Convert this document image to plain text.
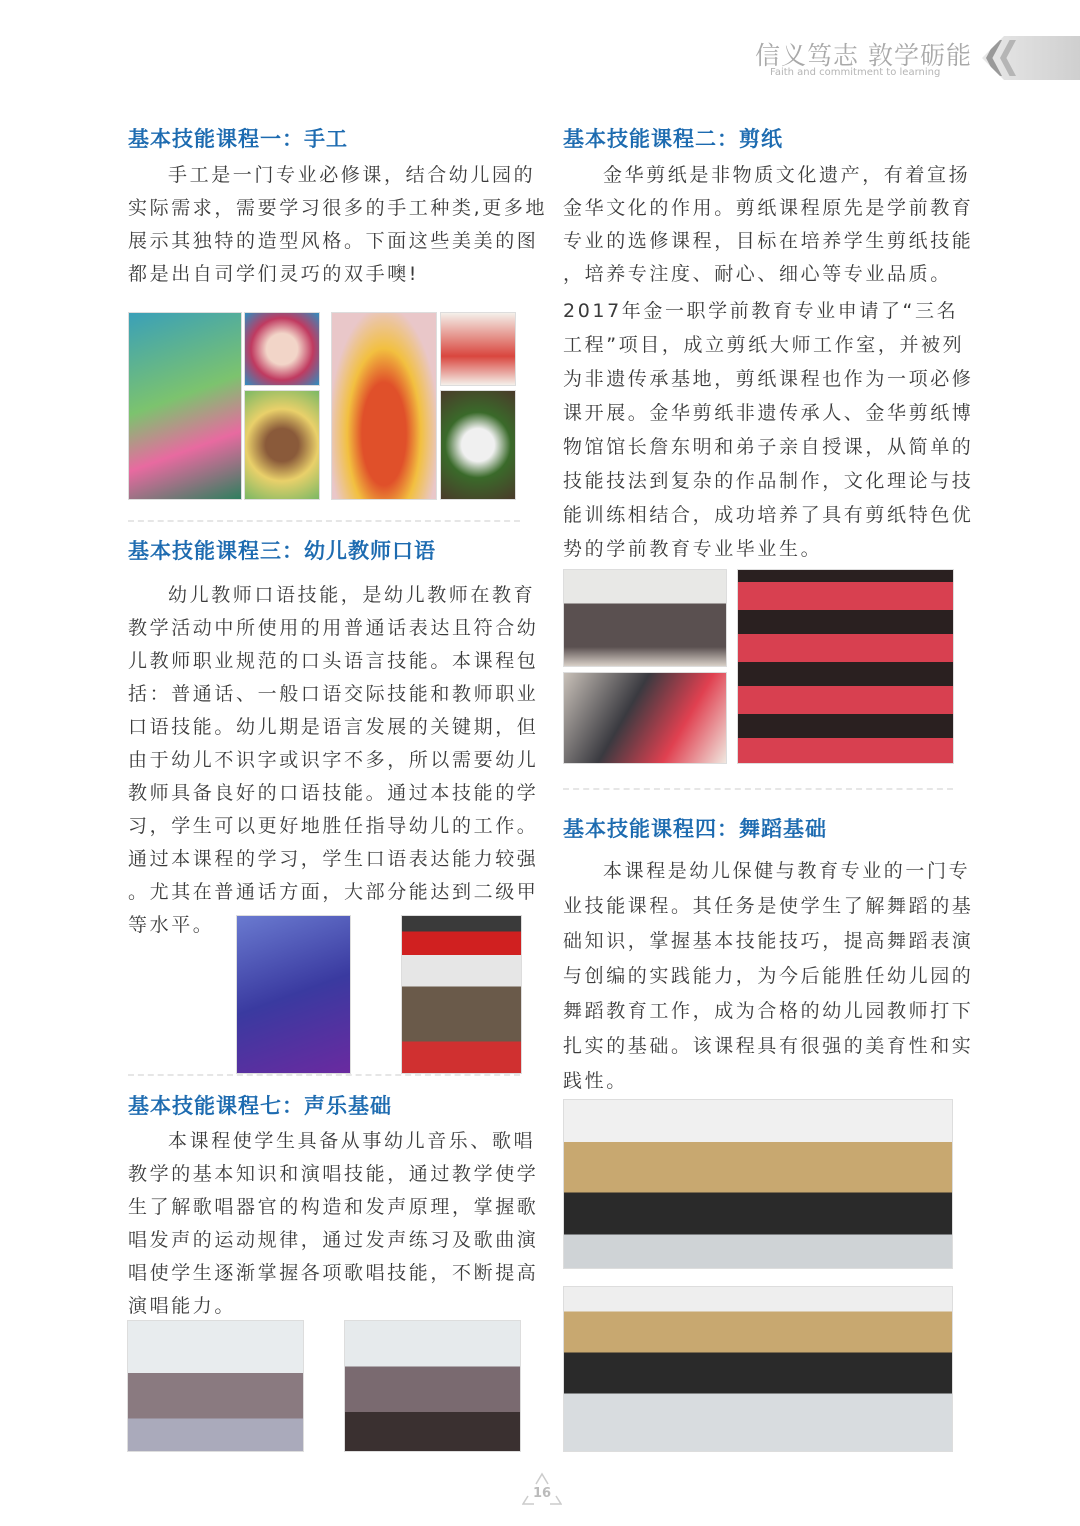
信义笃志 敦学砺能
Faith and commitment to learning
基本技能课程一：手工
手工是一门专业必修课，结合幼儿园的
实际需求，需要学习很多的手工种类,更多地
展示其独特的造型风格。下面这些美美的图
都是出自司学们灵巧的双手噢!
基本技能课程三：幼儿教师口语
幼儿教师口语技能，是幼儿教师在教育
教学活动中所使用的用普通话表达且符合幼
儿教师职业规范的口头语言技能。本课程包
括：普通话、一般口语交际技能和教师职业
口语技能。幼儿期是语言发展的关键期，但
由于幼儿不识字或识字不多，所以需要幼儿
教师具备良好的口语技能。通过本技能的学
习，学生可以更好地胜任指导幼儿的工作。
通过本课程的学习，学生口语表达能力较强
。尤其在普通话方面，大部分能达到二级甲
等水平。
基本技能课程七：声乐基础
本课程使学生具备从事幼儿音乐、歌唱
教学的基本知识和演唱技能，通过教学使学
生了解歌唱器官的构造和发声原理，掌握歌
唱发声的运动规律，通过发声练习及歌曲演
唱使学生逐渐掌握各项歌唱技能，不断提高
演唱能力。
基本技能课程二：剪纸
金华剪纸是非物质文化遗产，有着宣扬
金华文化的作用。剪纸课程原先是学前教育
专业的选修课程，目标在培养学生剪纸技能
，培养专注度、耐心、细心等专业品质。
2017年金一职学前教育专业申请了“三名
工程”项目，成立剪纸大师工作室，并被列
为非遗传承基地，剪纸课程也作为一项必修
课开展。金华剪纸非遗传承人、金华剪纸博
物馆馆长詹东明和弟子亲自授课，从简单的
技能技法到复杂的作品制作，文化理论与技
能训练相结合，成功培养了具有剪纸特色优
势的学前教育专业毕业生。
基本技能课程四：舞蹈基础
本课程是幼儿保健与教育专业的一门专
业技能课程。其任务是使学生了解舞蹈的基
础知识，掌握基本技能技巧，提高舞蹈表演
与创编的实践能力，为今后能胜任幼儿园的
舞蹈教育工作，成为合格的幼儿园教师打下
扎实的基础。该课程具有很强的美育性和实
践性。
16
